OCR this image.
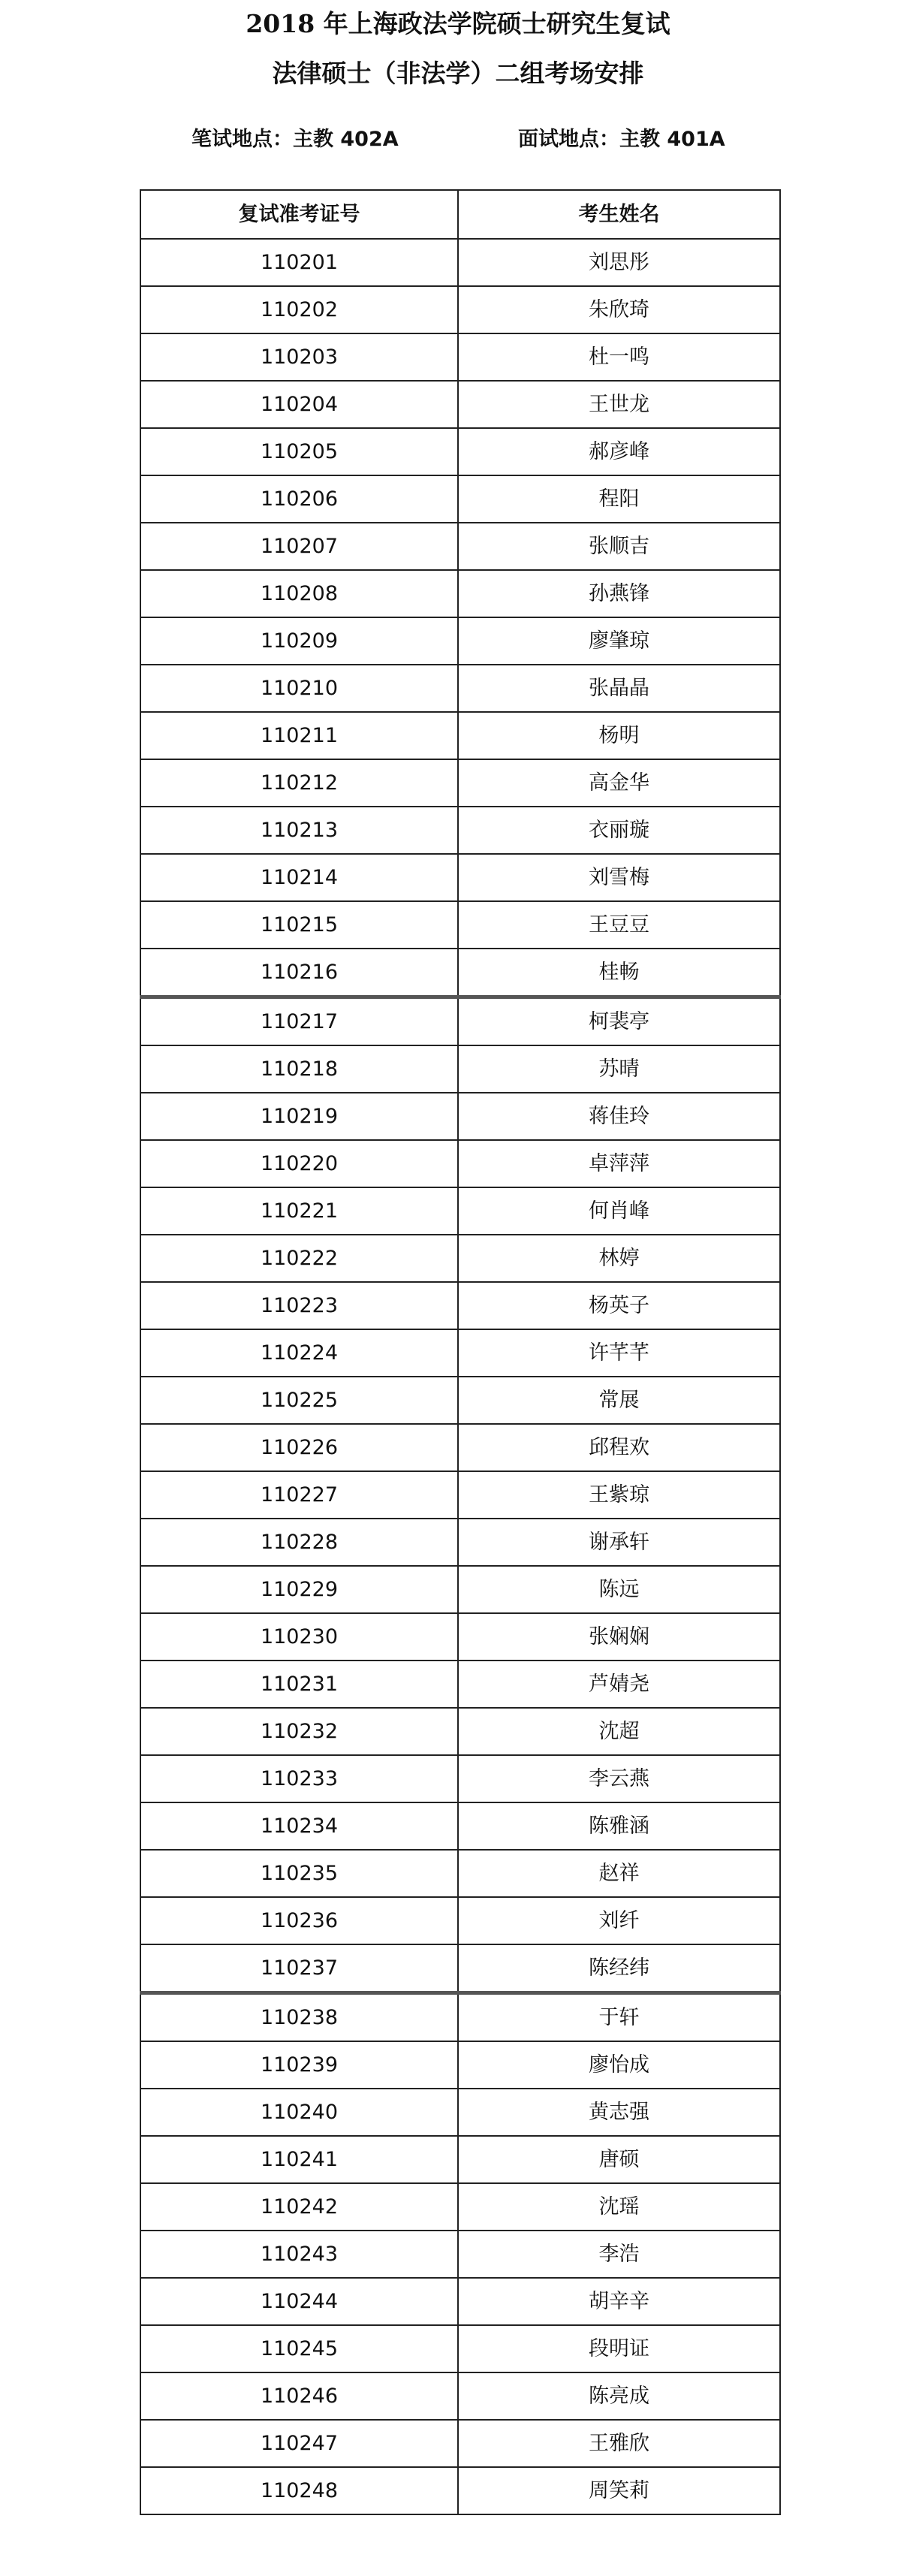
2018 年上海政法学院硕士研究生复试
法律硕士（非法学）二组考场安排
笔试地点：主教 402A	面试地点：主教 401A
复试准考证号	考生姓名
110201	刘思彤
110202	朱欣琦
110203	杜一鸣
110204	王世龙
110205	郝彦峰
110206	程阳
110207	张顺吉
110208	孙燕锋
110209	廖肇琼
110210	张晶晶
110211	杨明
110212	高金华
110213	衣丽璇
110214	刘雪梅
110215	王豆豆
110216	桂畅
110217	柯裴亭
110218	苏晴
110219	蒋佳玲
110220	卓萍萍
110221	何肖峰
110222	林婷
110223	杨英子
110224	许芊芊
110225	常展
110226	邱程欢
110227	王紫琼
110228	谢承轩
110229	陈远
110230	张娴娴
110231	芦婧尧
110232	沈超
110233	李云燕
110234	陈雅涵
110235	赵祥
110236	刘纤
110237	陈经纬
110238	于轩
110239	廖怡成
110240	黄志强
110241	唐硕
110242	沈瑶
110243	李浩
110244	胡辛辛
110245	段明证
110246	陈亮成
110247	王雅欣
110248	周笑莉
